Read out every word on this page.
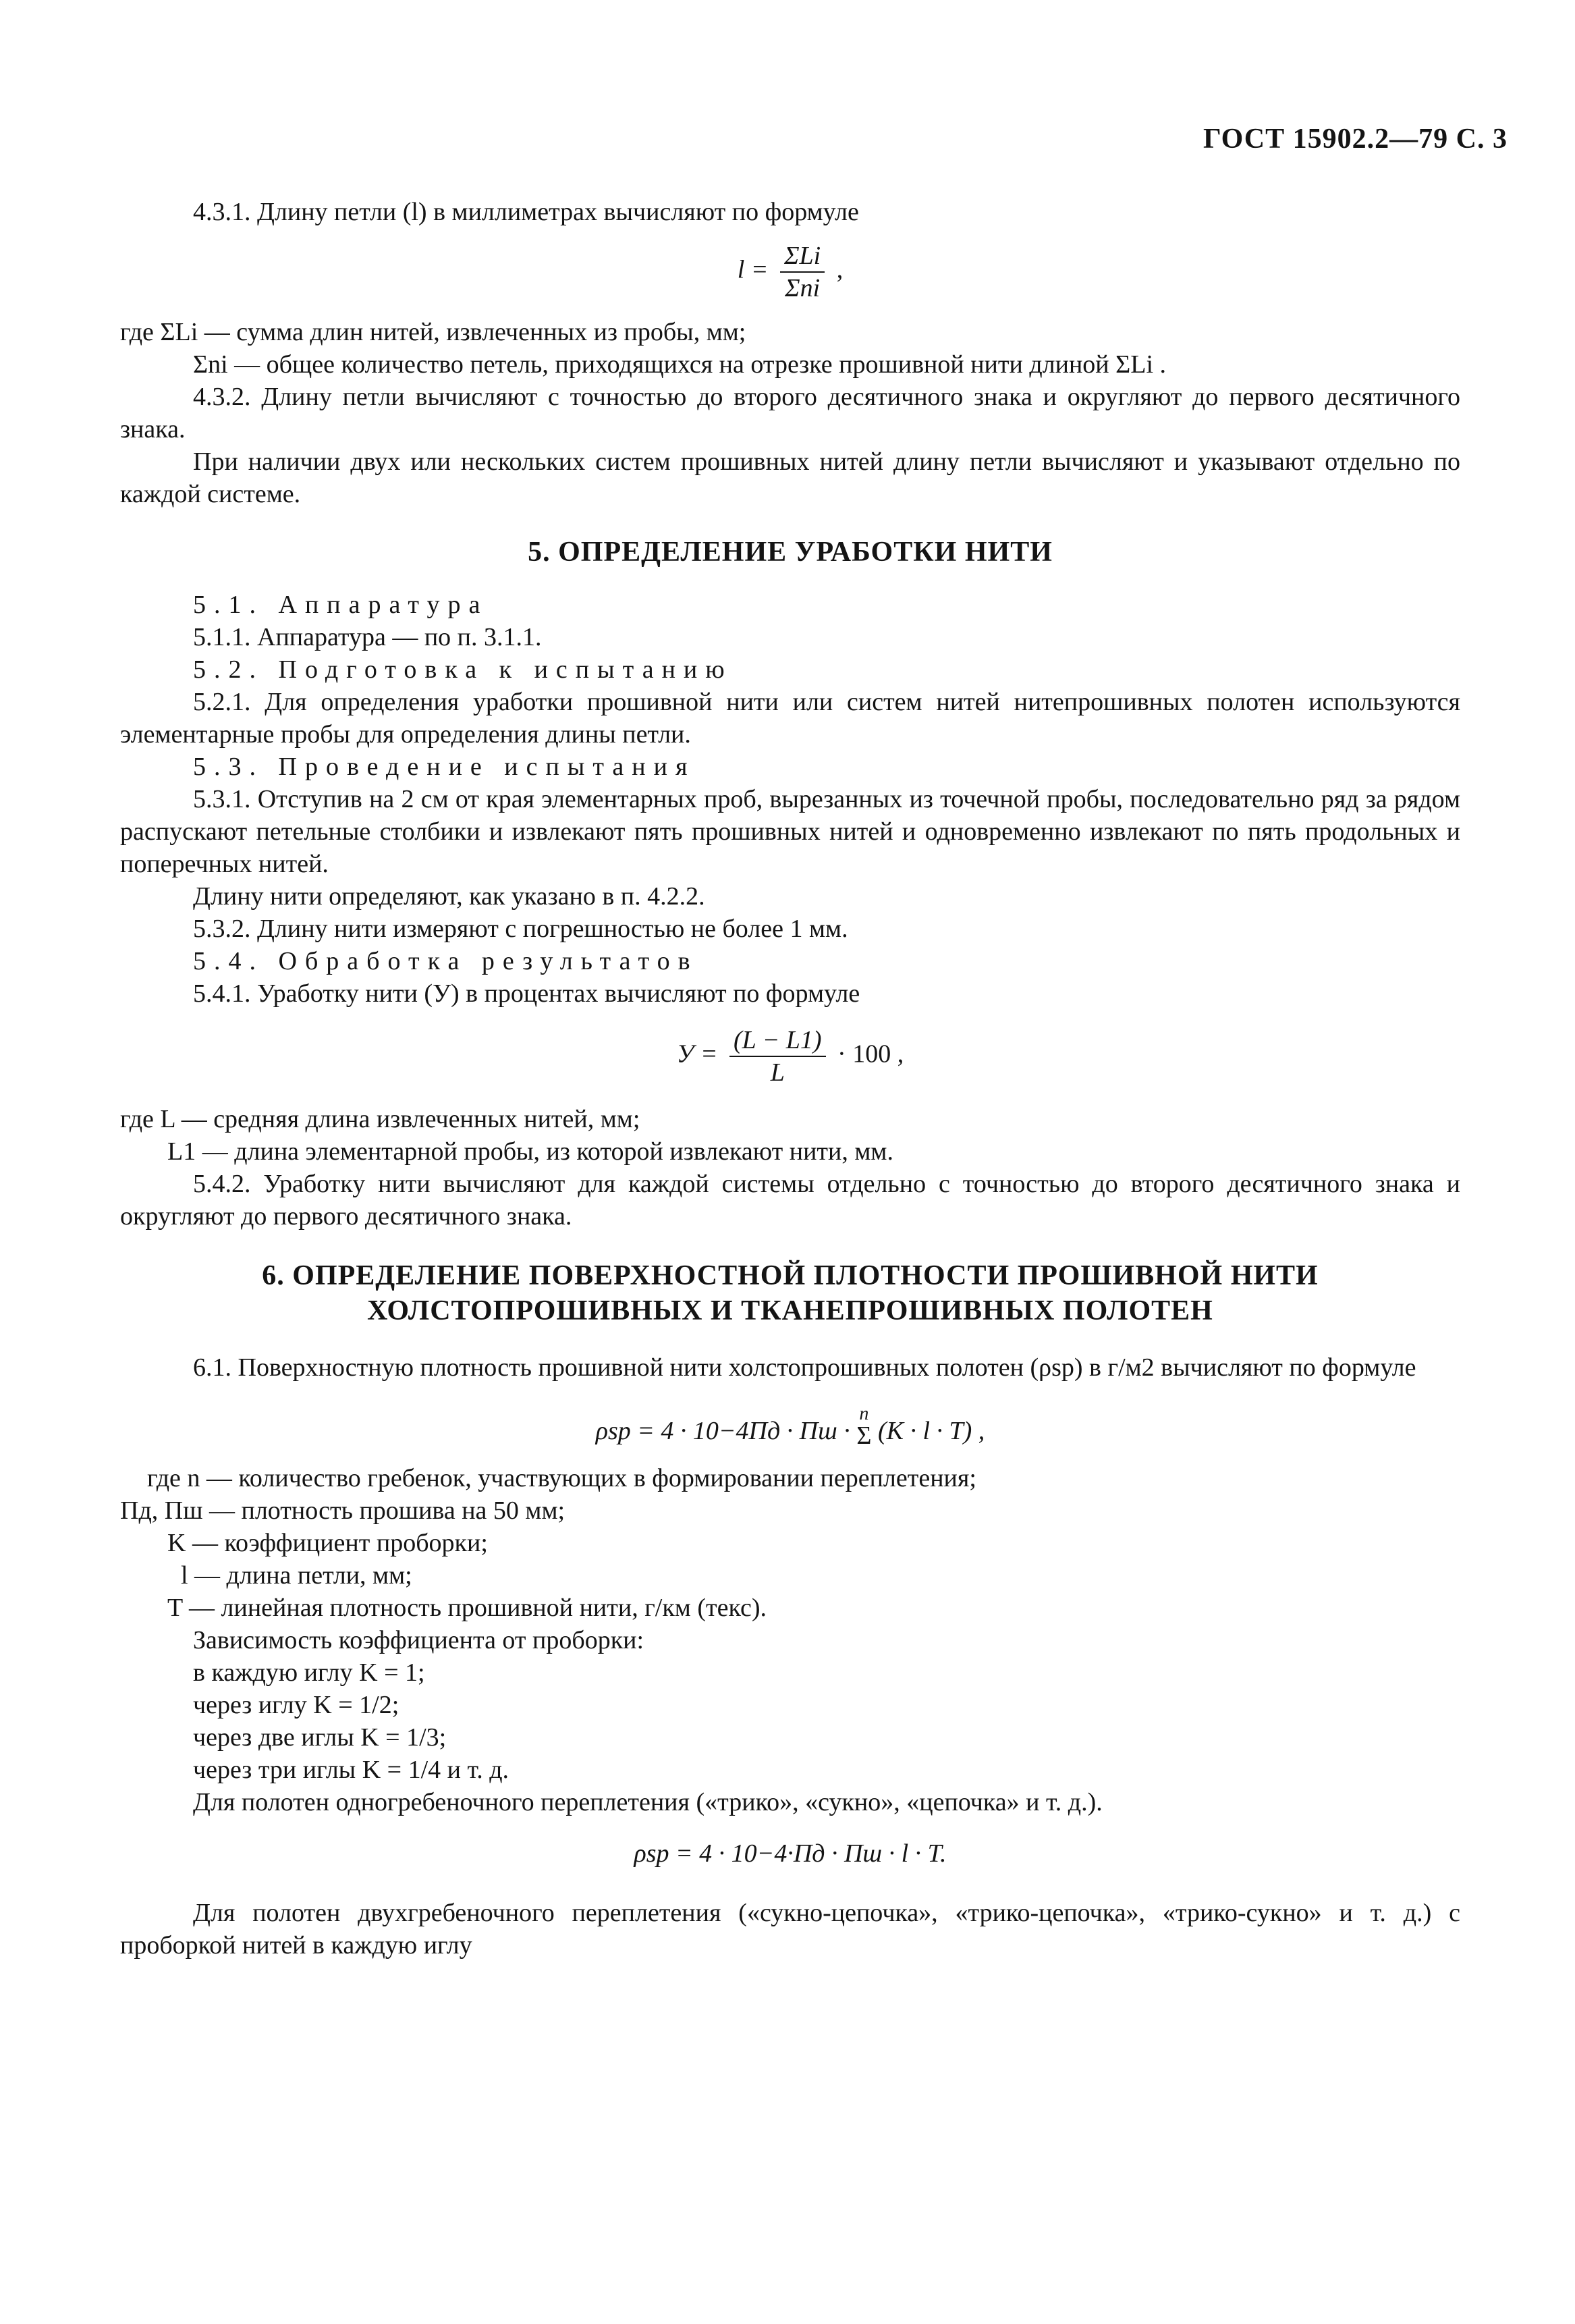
ГОСТ 15902.2—79 С. 3

4.3.1. Длину петли (l) в миллиметрах вычисляют по формуле

$l = \frac{\text{ΣLi}}{\text{Σni}}$ ,

где ΣLi — сумма длин нитей, извлеченных из пробы, мм;

Σni — общее количество петель, приходящихся на отрезке прошивной нити длиной ΣLi .

4.3.2. Длину петли вычисляют с точностью до второго десятичного знака и округляют до первого десятичного знака.

При наличии двух или нескольких систем прошивных нитей длину петли вычисляют и указывают отдельно по каждой системе.

5. ОПРЕДЕЛЕНИЕ УРАБОТКИ НИТИ

5.1. Аппаратура

5.1.1. Аппаратура — по п. 3.1.1.

5.2. Подготовка к испытанию

5.2.1. Для определения уработки прошивной нити или систем нитей нитепрошивных полотен используются элементарные пробы для определения длины петли.

5.3. Проведение испытания

5.3.1. Отступив на 2 см от края элементарных проб, вырезанных из точечной пробы, последовательно ряд за рядом распускают петельные столбики и извлекают пять прошивных нитей и одновременно извлекают по пять продольных и поперечных нитей.

Длину нити определяют, как указано в п. 4.2.2.

5.3.2. Длину нити измеряют с погрешностью не более 1 мм.

5.4. Обработка результатов

5.4.1. Уработку нити (У) в процентах вычисляют по формуле

$У = \frac{(L - L1)}{L} \cdot 100$ ,

где L — средняя длина извлеченных нитей, мм;

L1 — длина элементарной пробы, из которой извлекают нити, мм.

5.4.2. Уработку нити вычисляют для каждой системы отдельно с точностью до второго десятичного знака и округляют до первого десятичного знака.

6. ОПРЕДЕЛЕНИЕ ПОВЕРХНОСТНОЙ ПЛОТНОСТИ ПРОШИВНОЙ НИТИ
ХОЛСТОПРОШИВНЫХ И ТКАНЕПРОШИВНЫХ ПОЛОТЕН

6.1. Поверхностную плотность прошивной нити холстопрошивных полотен (ρsp) в г/м2 вычисляют по формуле

ρsp = 4 · 10−4Пд · Пш ·
n
Σ (K · l · T) ,

где n — количество гребенок, участвующих в формировании переплетения;

Пд, Пш — плотность прошива на 50 мм;

K — коэффициент проборки;

l — длина петли, мм;

T — линейная плотность прошивной нити, г/км (текс).

Зависимость коэффициента от проборки:

в каждую иглу K = 1;

через иглу K = 1/2;

через две иглы K = 1/3;

через три иглы K = 1/4 и т. д.

Для полотен одногребеночного переплетения («трико», «сукно», «цепочка» и т. д.).

ρsp = 4 · 10−4·Пд · Пш · l · T.

Для полотен двухгребеночного переплетения («сукно-цепочка», «трико-цепочка», «трико-сукно» и т. д.) с проборкой нитей в каждую иглу
